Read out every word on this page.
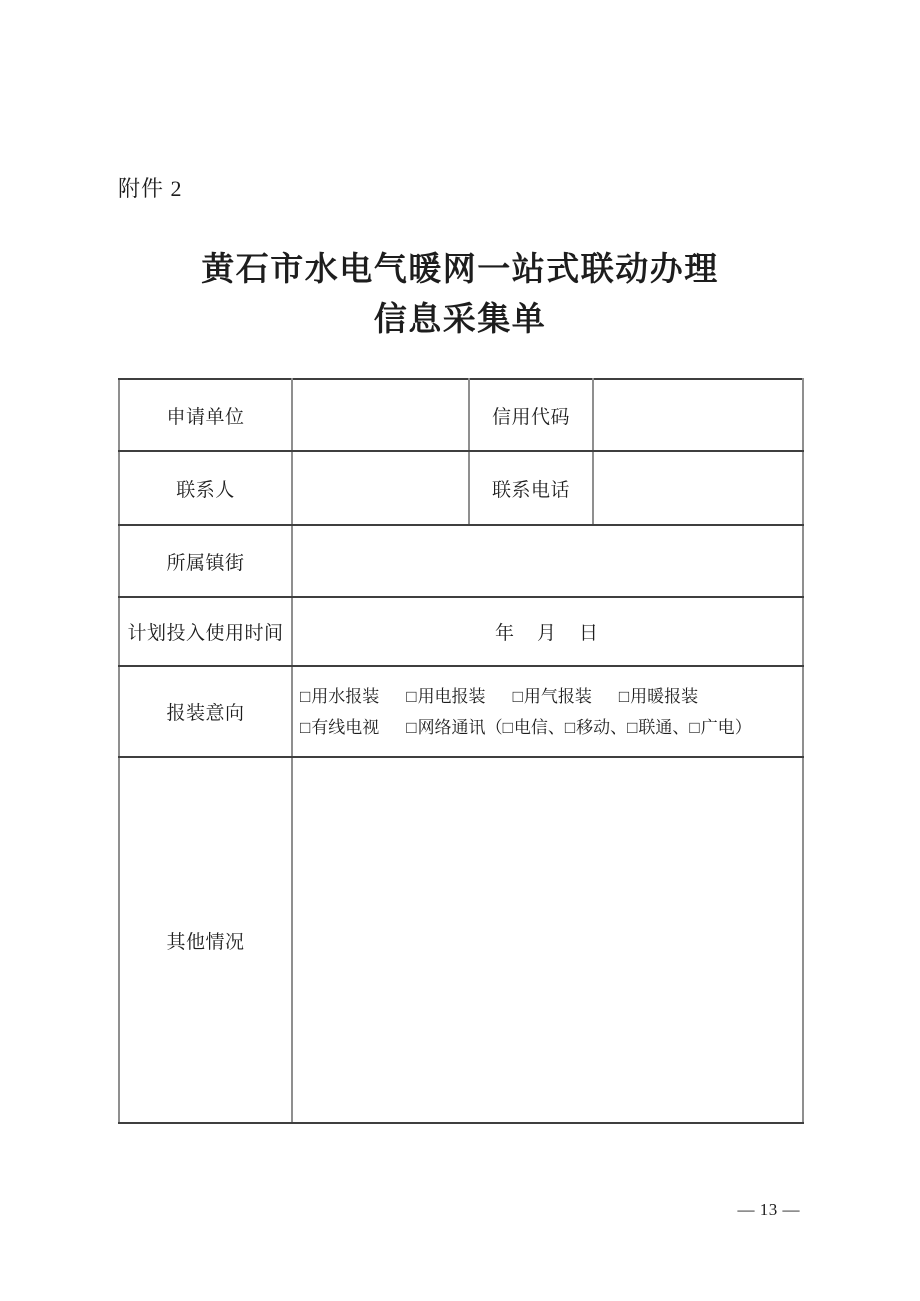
附件 2
黄石市水电气暖网一站式联动办理
信息采集单
申请单位		信用代码	
联系人		联系电话	
所属镇街			
计划投入使用时间	年　月　日		
报装意向	□用水报装 □用电报装 □用气报装 □用暖报装
□有线电视 □网络通讯（□电信、□移动、□联通、□广电）		

其他情况			
— 13 —
